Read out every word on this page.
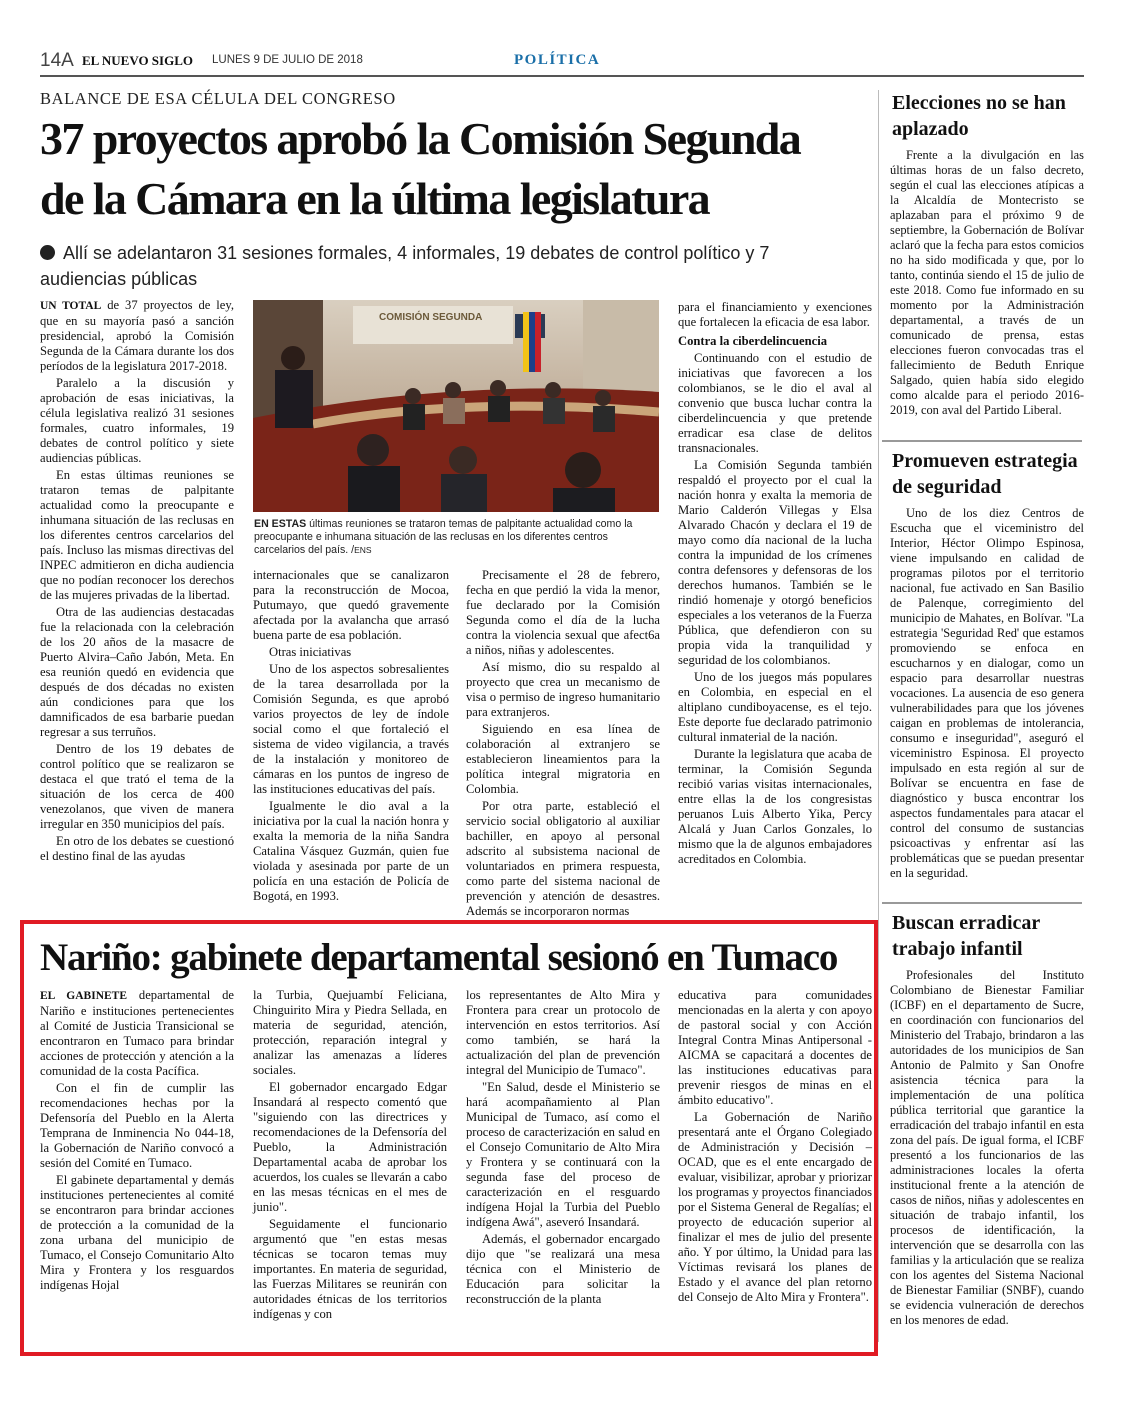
14A EL NUEVO SIGLO LUNES 9 DE JULIO DE 2018	POLÍTICA
BALANCE DE ESA CÉLULA DEL CONGRESO
37 proyectos aprobó la Comisión Segunda
de la Cámara en la última legislatura
Allí se adelantaron 31 sesiones formales, 4 informales, 19 debates de control político y 7 audiencias públicas

UN TOTAL de 37 proyectos de ley, que en su mayoría pasó a sanción presidencial, aprobó la Comisión Segunda de la Cámara durante los dos períodos de la legislatura 2017-2018.

Paralelo a la discusión y aprobación de esas iniciativas, la célula legislativa realizó 31 sesiones formales, cuatro informales, 19 debates de control político y siete audiencias públicas.

En estas últimas reuniones se trataron temas de palpitante actualidad como la preocupante e inhumana situación de las reclusas en los diferentes centros carcelarios del país. Incluso las mismas directivas del INPEC admitieron en dicha audiencia que no podían reconocer los derechos de las mujeres privadas de la libertad.

Otra de las audiencias destacadas fue la relacionada con la celebración de los 20 años de la masacre de Puerto Alvira–Caño Jabón, Meta. En esa reunión quedó en evidencia que después de dos décadas no existen aún condiciones para que los damnificados de esa barbarie puedan regresar a sus terruños.

Dentro de los 19 debates de control político que se realizaron se destaca el que trató el tema de la situación de los cerca de 400 venezolanos, que viven de manera irregular en 350 municipios del país.

En otro de los debates se cuestionó el destino final de las ayudas

COMISIÓN SEGUNDA
EN ESTAS últimas reuniones se trataron temas de palpitante actualidad como la preocupante e inhumana situación de las reclusas en los diferentes centros carcelarios del país. /ENS

internacionales que se canalizaron para la reconstrucción de Mocoa, Putumayo, que quedó gravemente afectada por la avalancha que arrasó buena parte de esa población.

Otras iniciativas

Uno de los aspectos sobresalientes de la tarea desarrollada por la Comisión Segunda, es que aprobó varios proyectos de ley de índole social como el que fortaleció el sistema de video vigilancia, a través de la instalación y monitoreo de cámaras en los puntos de ingreso de las instituciones educativas del país.

Igualmente le dio aval a la iniciativa por la cual la nación honra y exalta la memoria de la niña Sandra Catalina Vásquez Guzmán, quien fue violada y asesinada por parte de un policía en una estación de Policía de Bogotá, en 1993.

Precisamente el 28 de febrero, fecha en que perdió la vida la menor, fue declarado por la Comisión Segunda como el día de la lucha contra la violencia sexual que afect6a a niños, niñas y adolescentes.

Así mismo, dio su respaldo al proyecto que crea un mecanismo de visa o permiso de ingreso humanitario para extranjeros.

Siguiendo en esa línea de colaboración al extranjero se establecieron lineamientos para la política integral migratoria en Colombia.

Por otra parte, estableció el servicio social obligatorio al auxiliar bachiller, en apoyo al personal adscrito al subsistema nacional de voluntariados en primera respuesta, como parte del sistema nacional de prevención y atención de desastres. Además se incorporaron normas

para el financiamiento y exenciones que fortalecen la eficacia de esa labor.

Contra la ciberdelincuencia

Continuando con el estudio de iniciativas que favorecen a los colombianos, se le dio el aval al convenio que busca luchar contra la ciberdelincuencia y que pretende erradicar esa clase de delitos transnacionales.

La Comisión Segunda también respaldó el proyecto por el cual la nación honra y exalta la memoria de Mario Calderón Villegas y Elsa Alvarado Chacón y declara el 19 de mayo como día nacional de la lucha contra la impunidad de los crímenes contra defensores y defensoras de los derechos humanos. También se le rindió homenaje y otorgó beneficios especiales a los veteranos de la Fuerza Pública, que defendieron con su propia vida la tranquilidad y seguridad de los colombianos.

Uno de los juegos más populares en Colombia, en especial en el altiplano cundiboyacense, es el tejo. Este deporte fue declarado patrimonio cultural inmaterial de la nación.

Durante la legislatura que acaba de terminar, la Comisión Segunda recibió varias visitas internacionales, entre ellas la de los congresistas peruanos Luis Alberto Yika, Percy Alcalá y Juan Carlos Gonzales, lo mismo que la de algunos embajadores acreditados en Colombia.

Elecciones no se han aplazado

Frente a la divulgación en las últimas horas de un falso decreto, según el cual las elecciones atípicas a la Alcaldía de Montecristo se aplazaban para el próximo 9 de septiembre, la Gobernación de Bolívar aclaró que la fecha para estos comicios no ha sido modificada y que, por lo tanto, continúa siendo el 15 de julio de este 2018. Como fue informado en su momento por la Administración departamental, a través de un comunicado de prensa, estas elecciones fueron convocadas tras el fallecimiento de Beduth Enrique Salgado, quien había sido elegido como alcalde para el periodo 2016-2019, con aval del Partido Liberal.

Promueven estrategia de seguridad

Uno de los diez Centros de Escucha que el viceministro del Interior, Héctor Olimpo Espinosa, viene impulsando en calidad de programas pilotos por el territorio nacional, fue activado en San Basilio de Palenque, corregimiento del municipio de Mahates, en Bolívar. "La estrategia 'Seguridad Red' que estamos promoviendo se enfoca en escucharnos y en dialogar, como un espacio para desarrollar nuestras vocaciones. La ausencia de eso genera vulnerabilidades para que los jóvenes caigan en problemas de intolerancia, consumo e inseguridad", aseguró el viceministro Espinosa. El proyecto impulsado en esta región al sur de Bolívar se encuentra en fase de diagnóstico y busca encontrar los aspectos fundamentales para atacar el control del consumo de sustancias psicoactivas y enfrentar así las problemáticas que se puedan presentar en la seguridad.

Buscan erradicar trabajo infantil

Profesionales del Instituto Colombiano de Bienestar Familiar (ICBF) en el departamento de Sucre, en coordinación con funcionarios del Ministerio del Trabajo, brindaron a las autoridades de los municipios de San Antonio de Palmito y San Onofre asistencia técnica para la implementación de una política pública territorial que garantice la erradicación del trabajo infantil en esta zona del país. De igual forma, el ICBF presentó a los funcionarios de las administraciones locales la oferta institucional frente a la atención de casos de niños, niñas y adolescentes en situación de trabajo infantil, los procesos de identificación, la intervención que se desarrolla con las familias y la articulación que se realiza con los agentes del Sistema Nacional de Bienestar Familiar (SNBF), cuando se evidencia vulneración de derechos en los menores de edad.

Nariño: gabinete departamental sesionó en Tumaco

EL GABINETE departamental de Nariño e instituciones pertenecientes al Comité de Justicia Transicional se encontraron en Tumaco para brindar acciones de protección y atención a la comunidad de la costa Pacífica.

Con el fin de cumplir las recomendaciones hechas por la Defensoría del Pueblo en la Alerta Temprana de Inminencia No 044-18, la Gobernación de Nariño convocó a sesión del Comité en Tumaco.

El gabinete departamental y demás instituciones pertenecientes al comité se encontraron para brindar acciones de protección a la comunidad de la zona urbana del municipio de Tumaco, el Consejo Comunitario Alto Mira y Frontera y los resguardos indígenas Hojal

la Turbia, Quejuambí Feliciana, Chinguirito Mira y Piedra Sellada, en materia de seguridad, atención, protección, reparación integral y analizar las amenazas a líderes sociales.

El gobernador encargado Edgar Insandará al respecto comentó que "siguiendo con las directrices y recomendaciones de la Defensoría del Pueblo, la Administración Departamental acaba de aprobar los acuerdos, los cuales se llevarán a cabo en las mesas técnicas en el mes de junio".

Seguidamente el funcionario argumentó que "en estas mesas técnicas se tocaron temas muy importantes. En materia de seguridad, las Fuerzas Militares se reunirán con autoridades étnicas de los territorios indígenas y con

los representantes de Alto Mira y Frontera para crear un protocolo de intervención en estos territorios. Así como también, se hará la actualización del plan de prevención integral del Municipio de Tumaco".

"En Salud, desde el Ministerio se hará acompañamiento al Plan Municipal de Tumaco, así como el proceso de caracterización en salud en el Consejo Comunitario de Alto Mira y Frontera y se continuará con la segunda fase del proceso de caracterización en el resguardo indígena Hojal la Turbia del Pueblo indígena Awá", aseveró Insandará.

Además, el gobernador encargado dijo que "se realizará una mesa técnica con el Ministerio de Educación para solicitar la reconstrucción de la planta

educativa para comunidades mencionadas en la alerta y con apoyo de pastoral social y con Acción Integral Contra Minas Antipersonal -AICMA se capacitará a docentes de las instituciones educativas para prevenir riesgos de minas en el ámbito educativo".

La Gobernación de Nariño presentará ante el Órgano Colegiado de Administración y Decisión – OCAD, que es el ente encargado de evaluar, visibilizar, aprobar y priorizar los programas y proyectos financiados por el Sistema General de Regalías; el proyecto de educación superior al finalizar el mes de julio del presente año. Y por último, la Unidad para las Víctimas revisará los planes de Estado y el avance del plan retorno del Consejo de Alto Mira y Frontera".
